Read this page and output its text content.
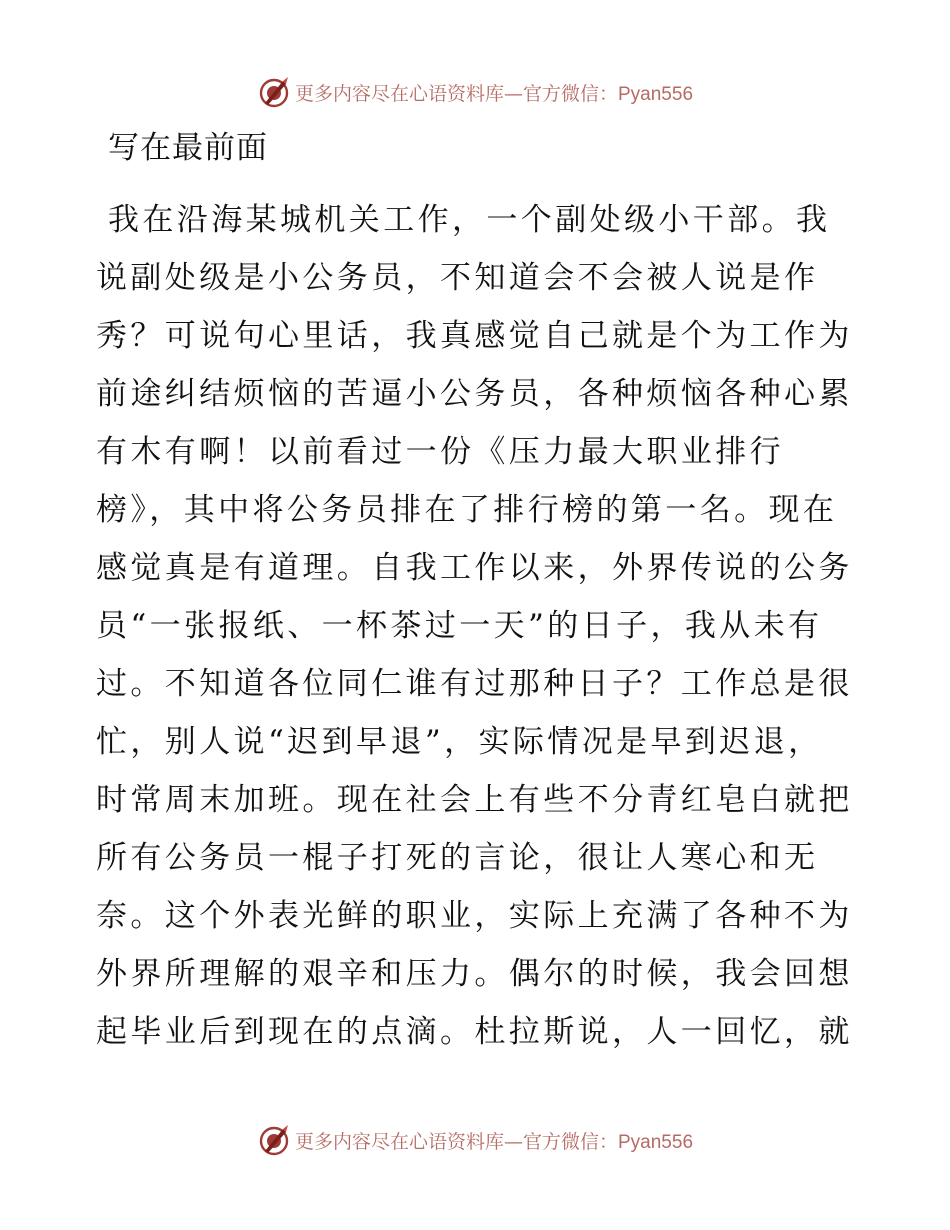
更多内容尽在心语资料库—官方微信：Pyan556
写在最前面
我在沿海某城机关工作，一个副处级小干部。我
说副处级是小公务员，不知道会不会被人说是作
秀？可说句心里话，我真感觉自己就是个为工作为
前途纠结烦恼的苦逼小公务员，各种烦恼各种心累
有木有啊！以前看过一份《压力最大职业排行
榜》，其中将公务员排在了排行榜的第一名。现在
感觉真是有道理。自我工作以来，外界传说的公务
员“一张报纸、一杯茶过一天”的日子，我从未有
过。不知道各位同仁谁有过那种日子？工作总是很
忙，别人说“迟到早退”，实际情况是早到迟退，
时常周末加班。现在社会上有些不分青红皂白就把
所有公务员一棍子打死的言论，很让人寒心和无
奈。这个外表光鲜的职业，实际上充满了各种不为
外界所理解的艰辛和压力。偶尔的时候，我会回想
起毕业后到现在的点滴。杜拉斯说，人一回忆，就
更多内容尽在心语资料库—官方微信：Pyan556
